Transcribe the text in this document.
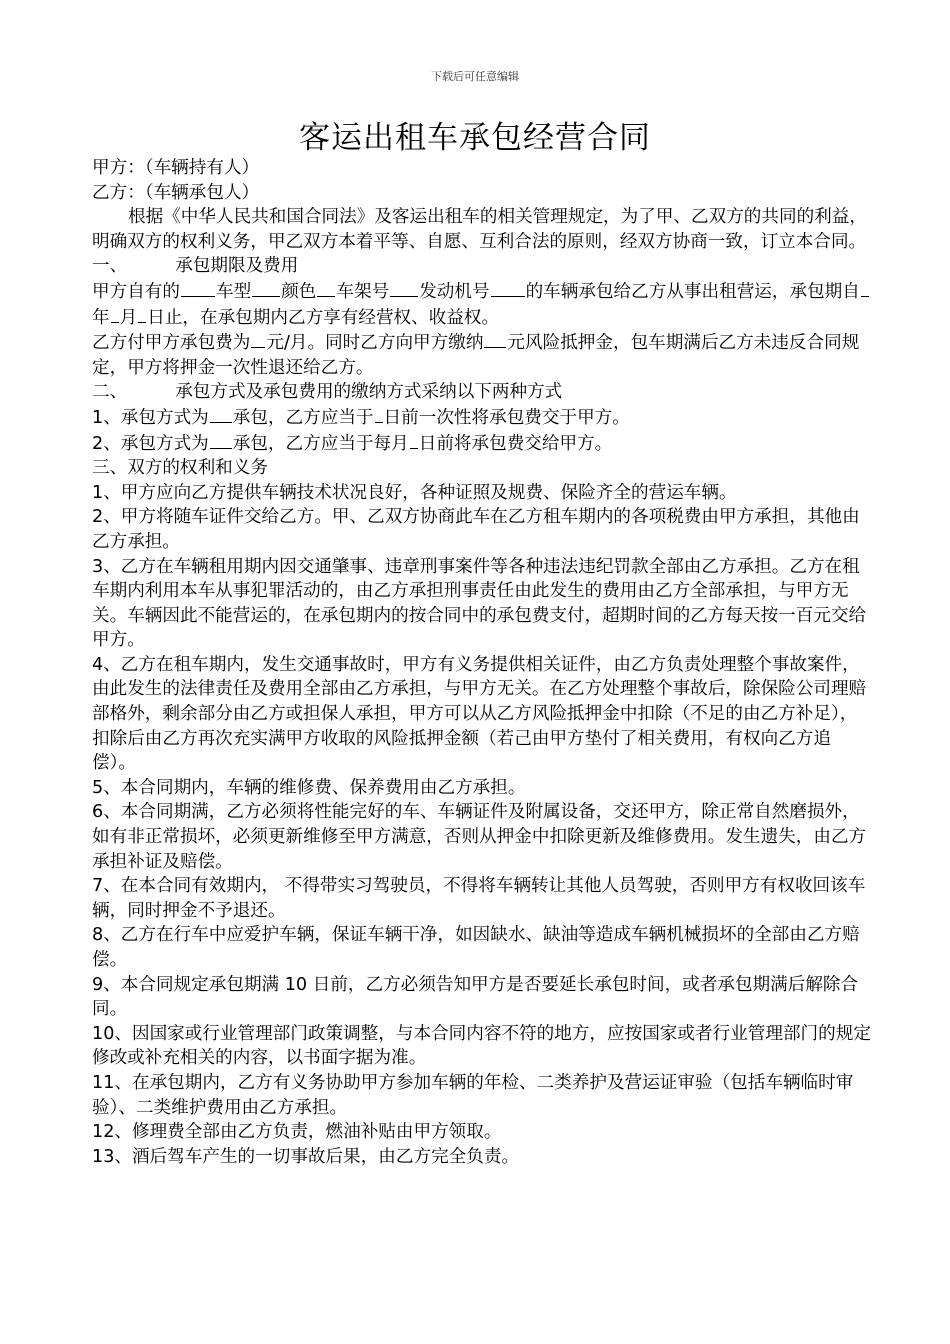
下载后可任意编辑
客运出租车承包经营合同

甲方：（车辆持有人）

乙方：（车辆承包人）

根据《中华人民共和国合同法》及客运出租车的相关管理规定，为了甲、乙双方的共同的利益，明确双方的权利义务，甲乙双方本着平等、自愿、互利合法的原则，经双方协商一致，订立本合同。

一、	承包期限及费用

甲方自有的 车型 颜色 车架号 发动机号 的车辆承包给乙方从事出租营运，承包期自年 月 日止，在承包期内乙方享有经营权、收益权。

乙方付甲方承包费为 元/月。同时乙方向甲方缴纳 元风险抵押金，包车期满后乙方未违反合同规定，甲方将押金一次性退还给乙方。

二、	承包方式及承包费用的缴纳方式采纳以下两种方式

1、承包方式为 承包，乙方应当于 日前一次性将承包费交于甲方。

2、承包方式为 承包，乙方应当于每月 日前将承包费交给甲方。

三、双方的权利和义务

1、甲方应向乙方提供车辆技术状况良好，各种证照及规费、保险齐全的营运车辆。

2、甲方将随车证件交给乙方。甲、乙双方协商此车在乙方租车期内的各项税费由甲方承担，其他由乙方承担。

3、乙方在车辆租用期内因交通肇事、违章刑事案件等各种违法违纪罚款全部由乙方承担。乙方在租车期内利用本车从事犯罪活动的，由乙方承担刑事责任由此发生的费用由乙方全部承担，与甲方无关。车辆因此不能营运的，在承包期内的按合同中的承包费支付，超期时间的乙方每天按一百元交给甲方。

4、乙方在租车期内，发生交通事故时，甲方有义务提供相关证件，由乙方负责处理整个事故案件，由此发生的法律责任及费用全部由乙方承担，与甲方无关。在乙方处理整个事故后，除保险公司理赔部格外，剩余部分由乙方或担保人承担，甲方可以从乙方风险抵押金中扣除（不足的由乙方补足），扣除后由乙方再次充实满甲方收取的风险抵押金额（若己由甲方垫付了相关费用，有权向乙方追偿）。

5、本合同期内，车辆的维修费、保养费用由乙方承担。

6、本合同期满，乙方必须将性能完好的车、车辆证件及附属设备，交还甲方，除正常自然磨损外，如有非正常损坏，必须更新维修至甲方满意，否则从押金中扣除更新及维修费用。发生遗失，由乙方承担补证及赔偿。

7、在本合同有效期内， 不得带实习驾驶员，不得将车辆转让其他人员驾驶，否则甲方有权收回该车辆，同时押金不予退还。

8、乙方在行车中应爱护车辆，保证车辆干净，如因缺水、缺油等造成车辆机械损坏的全部由乙方赔偿。

9、本合同规定承包期满 10 日前，乙方必须告知甲方是否要延长承包时间，或者承包期满后解除合同。

10、因国家或行业管理部门政策调整，与本合同内容不符的地方，应按国家或者行业管理部门的规定修改或补充相关的内容，以书面字据为准。

11、在承包期内，乙方有义务协助甲方参加车辆的年检、二类养护及营运证审验（包括车辆临时审验）、二类维护费用由乙方承担。

12、修理费全部由乙方负责，燃油补贴由甲方领取。

13、酒后驾车产生的一切事故后果，由乙方完全负责。
